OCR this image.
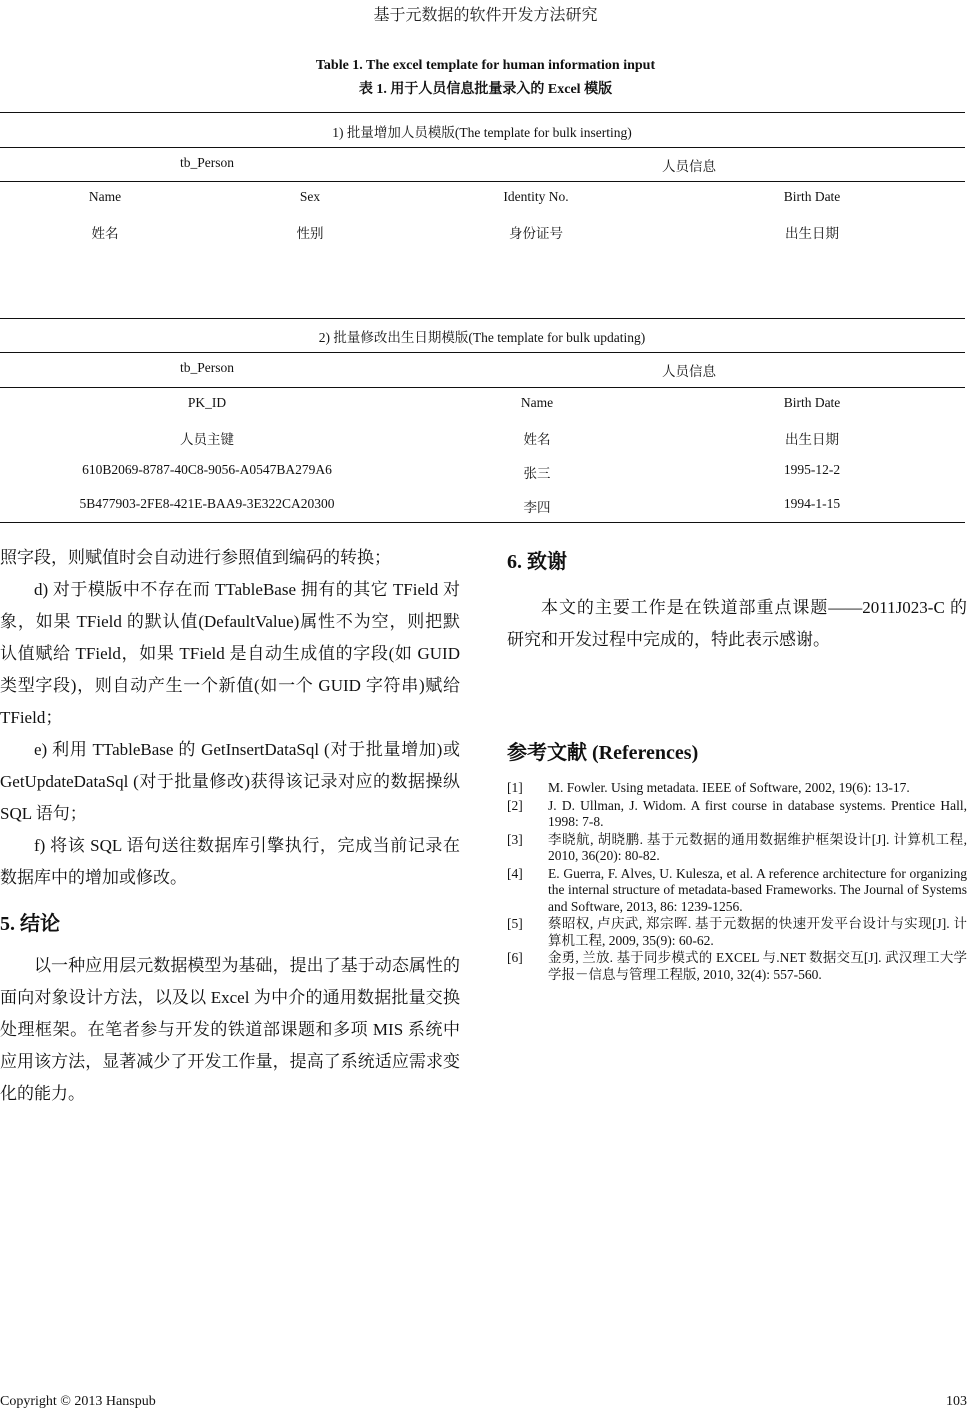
基于元数据的软件开发方法研究
Table 1. The excel template for human information input
表 1. 用于人员信息批量录入的 Excel 模版
1) 批量增加人员模版(The template for bulk inserting)
tb_Person	人员信息
Name	Sex	Identity No.	Birth Date
姓名	性别	身份证号	出生日期
2) 批量修改出生日期模版(The template for bulk updating)
tb_Person	人员信息
PK_ID	Name	Birth Date
人员主键	姓名	出生日期
610B2069-8787-40C8-9056-A0547BA279A6	张三	1995-12-2
5B477903-2FE8-421E-BAA9-3E322CA20300	李四	1994-1-15

照字段，则赋值时会自动进行参照值到编码的转换；

d) 对于模版中不存在而 TTableBase 拥有的其它 TField 对象，如果 TField 的默认值(DefaultValue)属性不为空，则把默认值赋给 TField，如果 TField 是自动生成值的字段(如 GUID 类型字段)，则自动产生一个新值(如一个 GUID 字符串)赋给 TField；

e) 利用 TTableBase 的 GetInsertDataSql (对于批量增加)或 GetUpdateDataSql (对于批量修改)获得该记录对应的数据操纵 SQL 语句；

f) 将该 SQL 语句送往数据库引擎执行，完成当前记录在数据库中的增加或修改。

5. 结论

以一种应用层元数据模型为基础，提出了基于动态属性的面向对象设计方法，以及以 Excel 为中介的通用数据批量交换处理框架。在笔者参与开发的铁道部课题和多项 MIS 系统中应用该方法，显著减少了开发工作量，提高了系统适应需求变化的能力。

6. 致谢

本文的主要工作是在铁道部重点课题——2011J023-C 的研究和开发过程中完成的，特此表示感谢。

参考文献 (References)
[1]	M. Fowler. Using metadata. IEEE of Software, 2002, 19(6): 13-17.
[2]	J. D. Ullman, J. Widom. A first course in database systems. Prentice Hall, 1998: 7-8.
[3]	李晓航, 胡晓鹏. 基于元数据的通用数据维护框架设计[J]. 计算机工程, 2010, 36(20): 80-82.
[4]	E. Guerra, F. Alves, U. Kulesza, et al. A reference architecture for organizing the internal structure of metadata-based Frameworks. The Journal of Systems and Software, 2013, 86: 1239-1256.
[5]	蔡昭权, 卢庆武, 郑宗晖. 基于元数据的快速开发平台设计与实现[J]. 计算机工程, 2009, 35(9): 60-62.
[6]	金勇, 兰放. 基于同步模式的 EXCEL 与.NET 数据交互[J]. 武汉理工大学学报－信息与管理工程版, 2010, 32(4): 557-560.
Copyright © 2013 Hanspub	103
